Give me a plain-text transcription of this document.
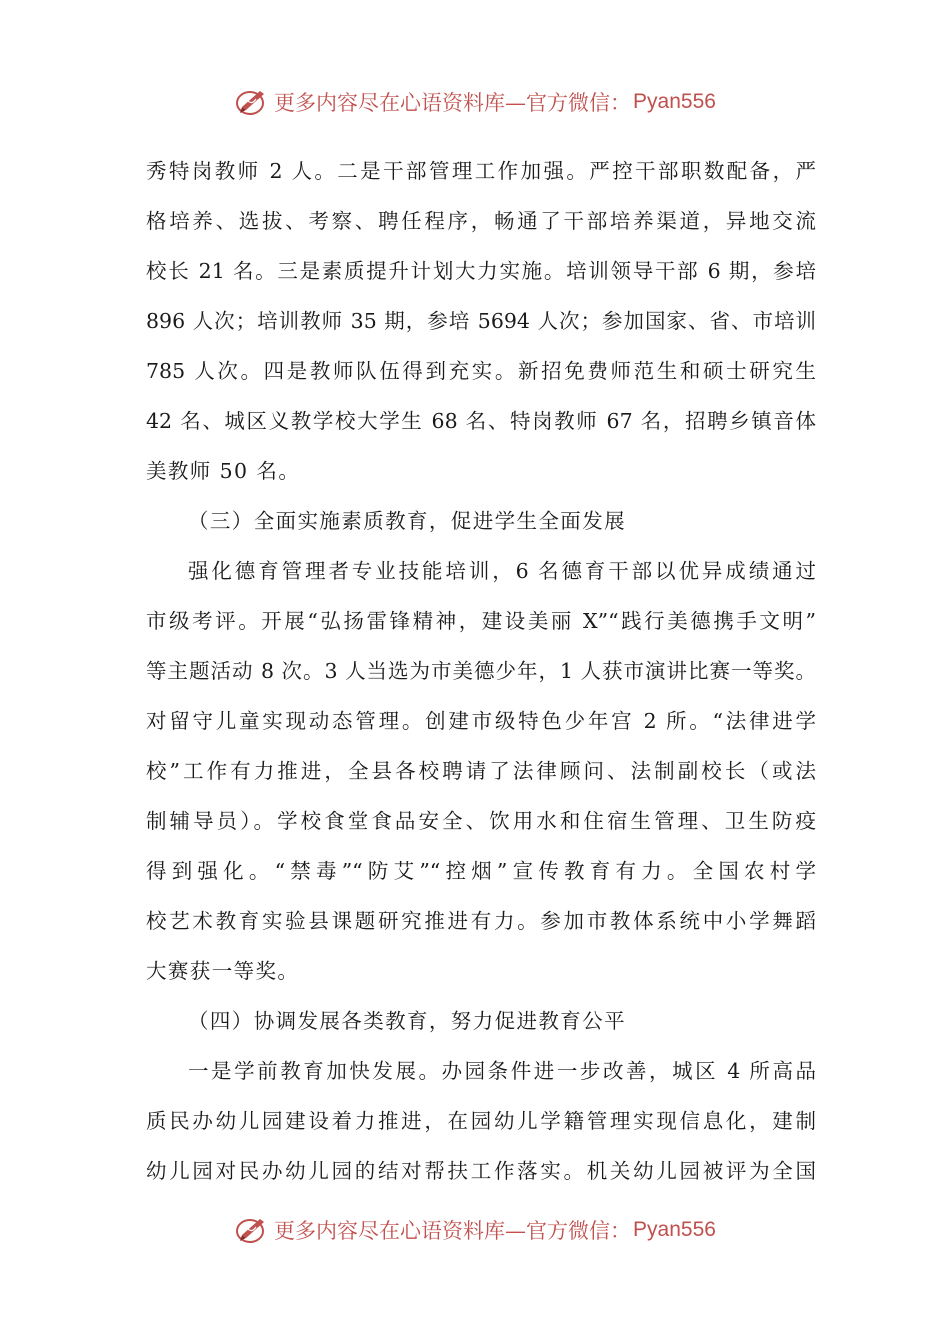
更多内容尽在心语资料库—官方微信： Pyan556
秀特岗教师 2 人。二是干部管理工作加强。严控干部职数配备，严
格培养、选拔、考察、聘任程序，畅通了干部培养渠道，异地交流
校长 21 名。三是素质提升计划大力实施。培训领导干部 6 期，参培
896 人次；培训教师 35 期，参培 5694 人次；参加国家、省、市培训
785 人次。四是教师队伍得到充实。新招免费师范生和硕士研究生
42 名、城区义教学校大学生 68 名、特岗教师 67 名，招聘乡镇音体
美教师 50 名。
（三）全面实施素质教育，促进学生全面发展
强化德育管理者专业技能培训，6 名德育干部以优异成绩通过
市级考评。开展“弘扬雷锋精神，建设美丽 X”“践行美德携手文明”
等主题活动 8 次。3 人当选为市美德少年，1 人获市演讲比赛一等奖。
对留守儿童实现动态管理。创建市级特色少年宫 2 所。“法律进学
校”工作有力推进，全县各校聘请了法律顾问、法制副校长（或法
制辅导员）。学校食堂食品安全、饮用水和住宿生管理、卫生防疫
得到强化。“禁毒”“防艾”“控烟”宣传教育有力。全国农村学
校艺术教育实验县课题研究推进有力。参加市教体系统中小学舞蹈
大赛获一等奖。
（四）协调发展各类教育，努力促进教育公平
一是学前教育加快发展。办园条件进一步改善，城区 4 所高品
质民办幼儿园建设着力推进，在园幼儿学籍管理实现信息化，建制
幼儿园对民办幼儿园的结对帮扶工作落实。机关幼儿园被评为全国
更多内容尽在心语资料库—官方微信： Pyan556
